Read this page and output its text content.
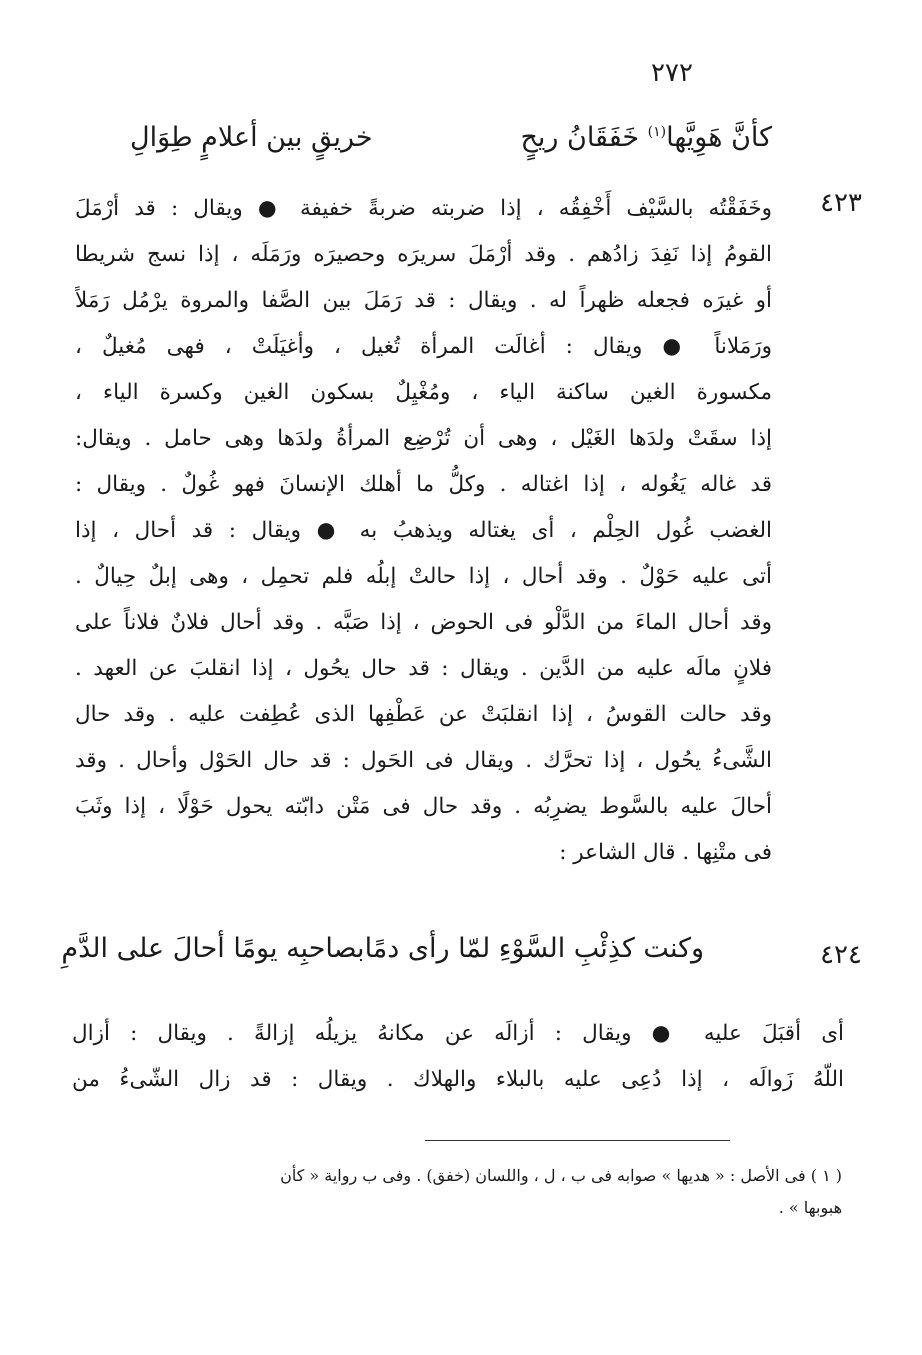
٢٧٢
كأنَّ هَوِيَّها$^{(١)}$ خَفَقَانُ ريحٍ
خريقٍ بين أعلامٍ طِوَالِ
٤٢٣
وخَفَقْتُه بالسَّيْف أَخْفِقُه ، إذا ضربته ضربةً خفيفة ● ويقال : قد أرْمَلَ
القومُ إذا نَفِدَ زادُهم . وقد أرْمَلَ سريرَه وحصيرَه ورَمَلَه ، إذا نسج شريطا
أو غيرَه فجعله ظهراً له . ويقال : قد رَمَلَ بين الصَّفا والمروة يرْمُل رَمَلاً
ورَمَلاناً ● ويقال : أغالَت المرأة تُغيل ، وأغيَلَتْ ، فهى مُغيلٌ ،
مكسورة الغين ساكنة الياء ، ومُغْيِلٌ بسكون الغين وكسرة الياء ،
إذا سقَتْ ولدَها الغَيْل ، وهى أن تُرْضِع المرأةُ ولدَها وهى حامل . ويقال:
قد غاله يَغُوله ، إذا اغتاله . وكلُّ ما أهلك الإنسانَ فهو غُولٌ . ويقال :
الغضب غُول الحِلْم ، أى يغتاله ويذهبُ به ● ويقال : قد أحال ، إذا
أتى عليه حَوْلٌ . وقد أحال ، إذا حالتْ إبلُه فلم تحمِل ، وهى إبلٌ حِيالٌ .
وقد أحال الماءَ من الدَّلْو فى الحوض ، إذا صَبَّه . وقد أحال فلانٌ فلاناً على
فلانٍ مالَه عليه من الدَّين . ويقال : قد حال يحُول ، إذا انقلبَ عن العهد .
وقد حالت القوسُ ، إذا انقلبَتْ عن عَطْفِها الذى عُطِفت عليه . وقد حال
الشَّىءُ يحُول ، إذا تحرَّك . ويقال فى الحَول : قد حال الحَوْل وأحال . وقد
أحالَ عليه بالسَّوط يضرِبُه . وقد حال فى مَتْن دابّته يحول حَوْلًا ، إذا وثَبَ
فى متْنِها . قال الشاعر :
٤٢٤
وكنت كذِئْبِ السَّوْءِ لمّا رأى دمًا
بصاحبِه يومًا أحالَ على الدَّمِ
أى أقبَلَ عليه ● ويقال : أزالَه عن مكانهُ يزيلُه إزالةً . ويقال : أزال
اللّهُ زَوالَه ، إذا دُعِى عليه بالبلاء والهلاك . ويقال : قد زال الشّىءُ من
( ١ ) فى الأصل : « هديها » صوابه فى ب ، ل ، واللسان (خفق) . وفى ب رواية « كأن
هبوبها » .
